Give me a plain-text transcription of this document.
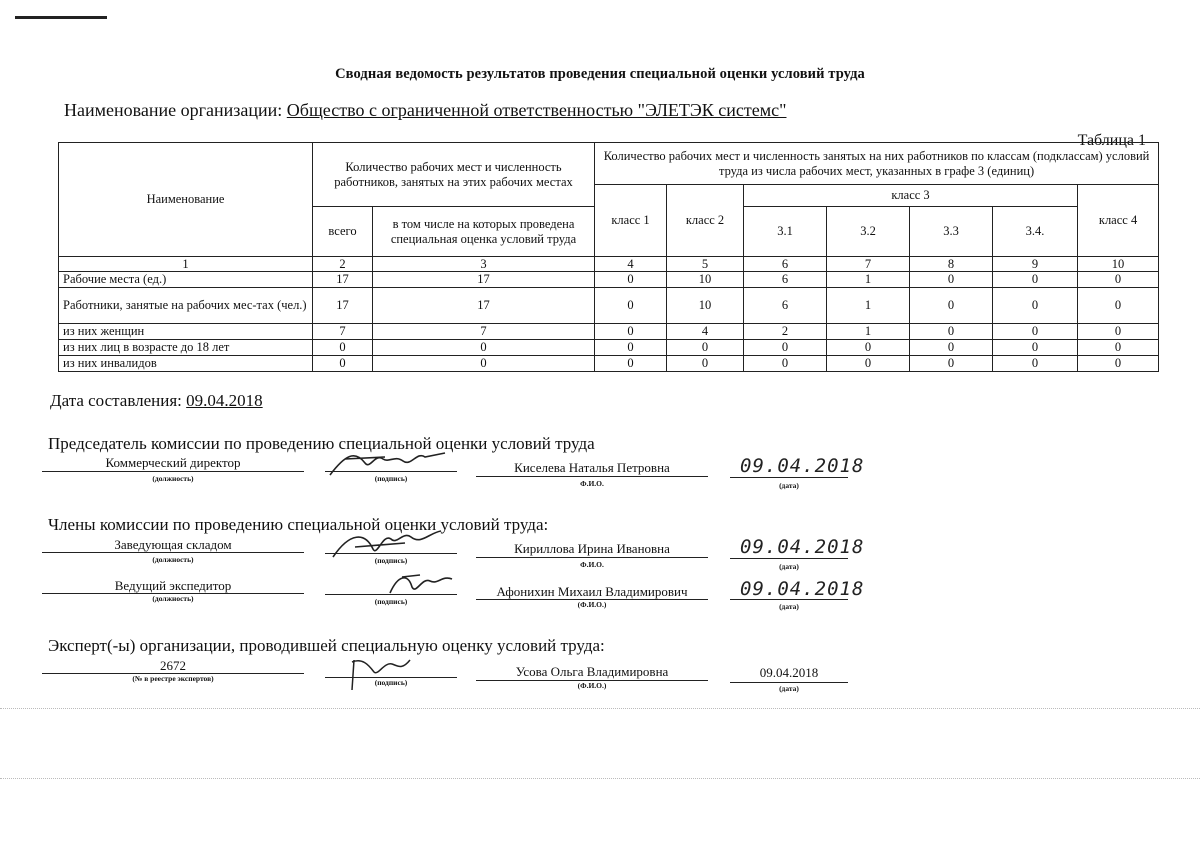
Сводная ведомость результатов проведения специальной оценки условий труда
Наименование организации: Общество с ограниченной ответственностью "ЭЛЕТЭК системс"
Таблица 1
Наименование	Количество рабочих мест и численность работников, занятых на этих рабочих местах		Количество рабочих мест и численность занятых на них работников по классам (подклассам) условий труда из числа рабочих мест, указанных в графе 3 (единиц)						
			класс 1	класс 2	класс 3				класс 4
	всего	в том числе на которых проведена специальная оценка условий труда			3.1	3.2	3.3	3.4.	
1	2	3	4	5	6	7	8	9	10
Рабочие места (ед.)	17	17	0	10	6	1	0	0	0
Работники, занятые на рабочих мес-тах (чел.)	17	17	0	10	6	1	0	0	0
из них женщин	7	7	0	4	2	1	0	0	0
из них лиц в возрасте до 18 лет	0	0	0	0	0	0	0	0	0
из них инвалидов	0	0	0	0	0	0	0	0	0
Дата составления: 09.04.2018
Председатель комиссии по проведению специальной оценки условий труда
Коммерческий директор
(должность)	(подпись)
Киселева Наталья Петровна
Ф.И.О.
09.04.2018
(дата)
Члены комиссии по проведению специальной оценки условий труда:
Заведующая складом
(должность)	(подпись)
Кириллова Ирина Ивановна
Ф.И.О.
09.04.2018
(дата)
Ведущий экспедитор
(должность)	(подпись)
Афонихин Михаил Владимирович
(Ф.И.О.)
09.04.2018
(дата)
Эксперт(-ы) организации, проводившей специальную оценку условий труда:
2672
(№ в реестре экспертов)	(подпись)
Усова Ольга Владимировна
(Ф.И.О.)
09.04.2018
(дата)
